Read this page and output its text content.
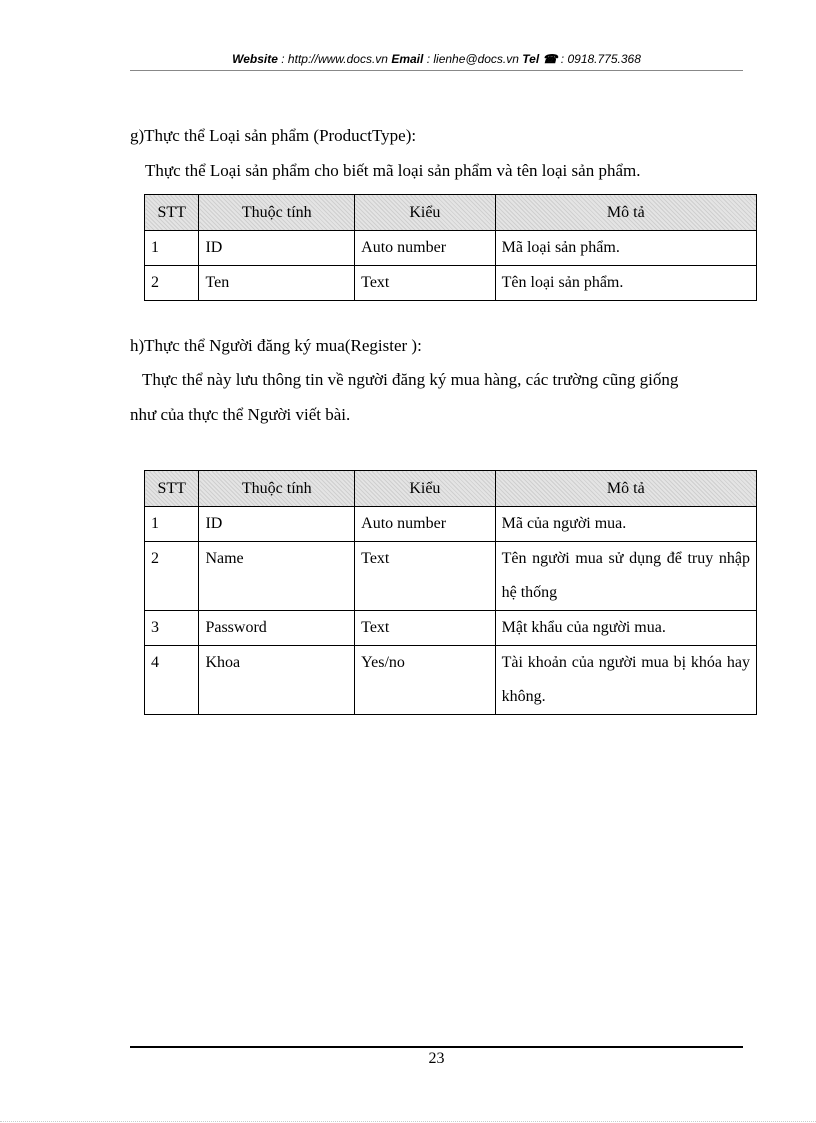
Website : http://www.docs.vn Email : lienhe@docs.vn Tel ☎ : 0918.775.368
g)Thực thể Loại sản phẩm (ProductType):
Thực thể Loại sản phẩm cho biết mã loại sản phẩm và tên loại sản phẩm.
STT	Thuộc tính	Kiểu	Mô tả
1	ID	Auto number	Mã loại sản phẩm.
2	Ten	Text	Tên loại sản phẩm.
h)Thực thể Người đăng ký mua(Register ):
Thực thể này lưu thông tin về người đăng ký mua hàng, các trường cũng giống
như của thực thể Người viết bài.
STT	Thuộc tính	Kiểu	Mô tả
1	ID	Auto number	Mã của người mua.
2	Name	Text	Tên người mua sử dụng để truy nhập hệ thống
3	Password	Text	Mật khẩu của người mua.
4	Khoa	Yes/no	Tài khoản của người mua bị khóa hay không.
23
